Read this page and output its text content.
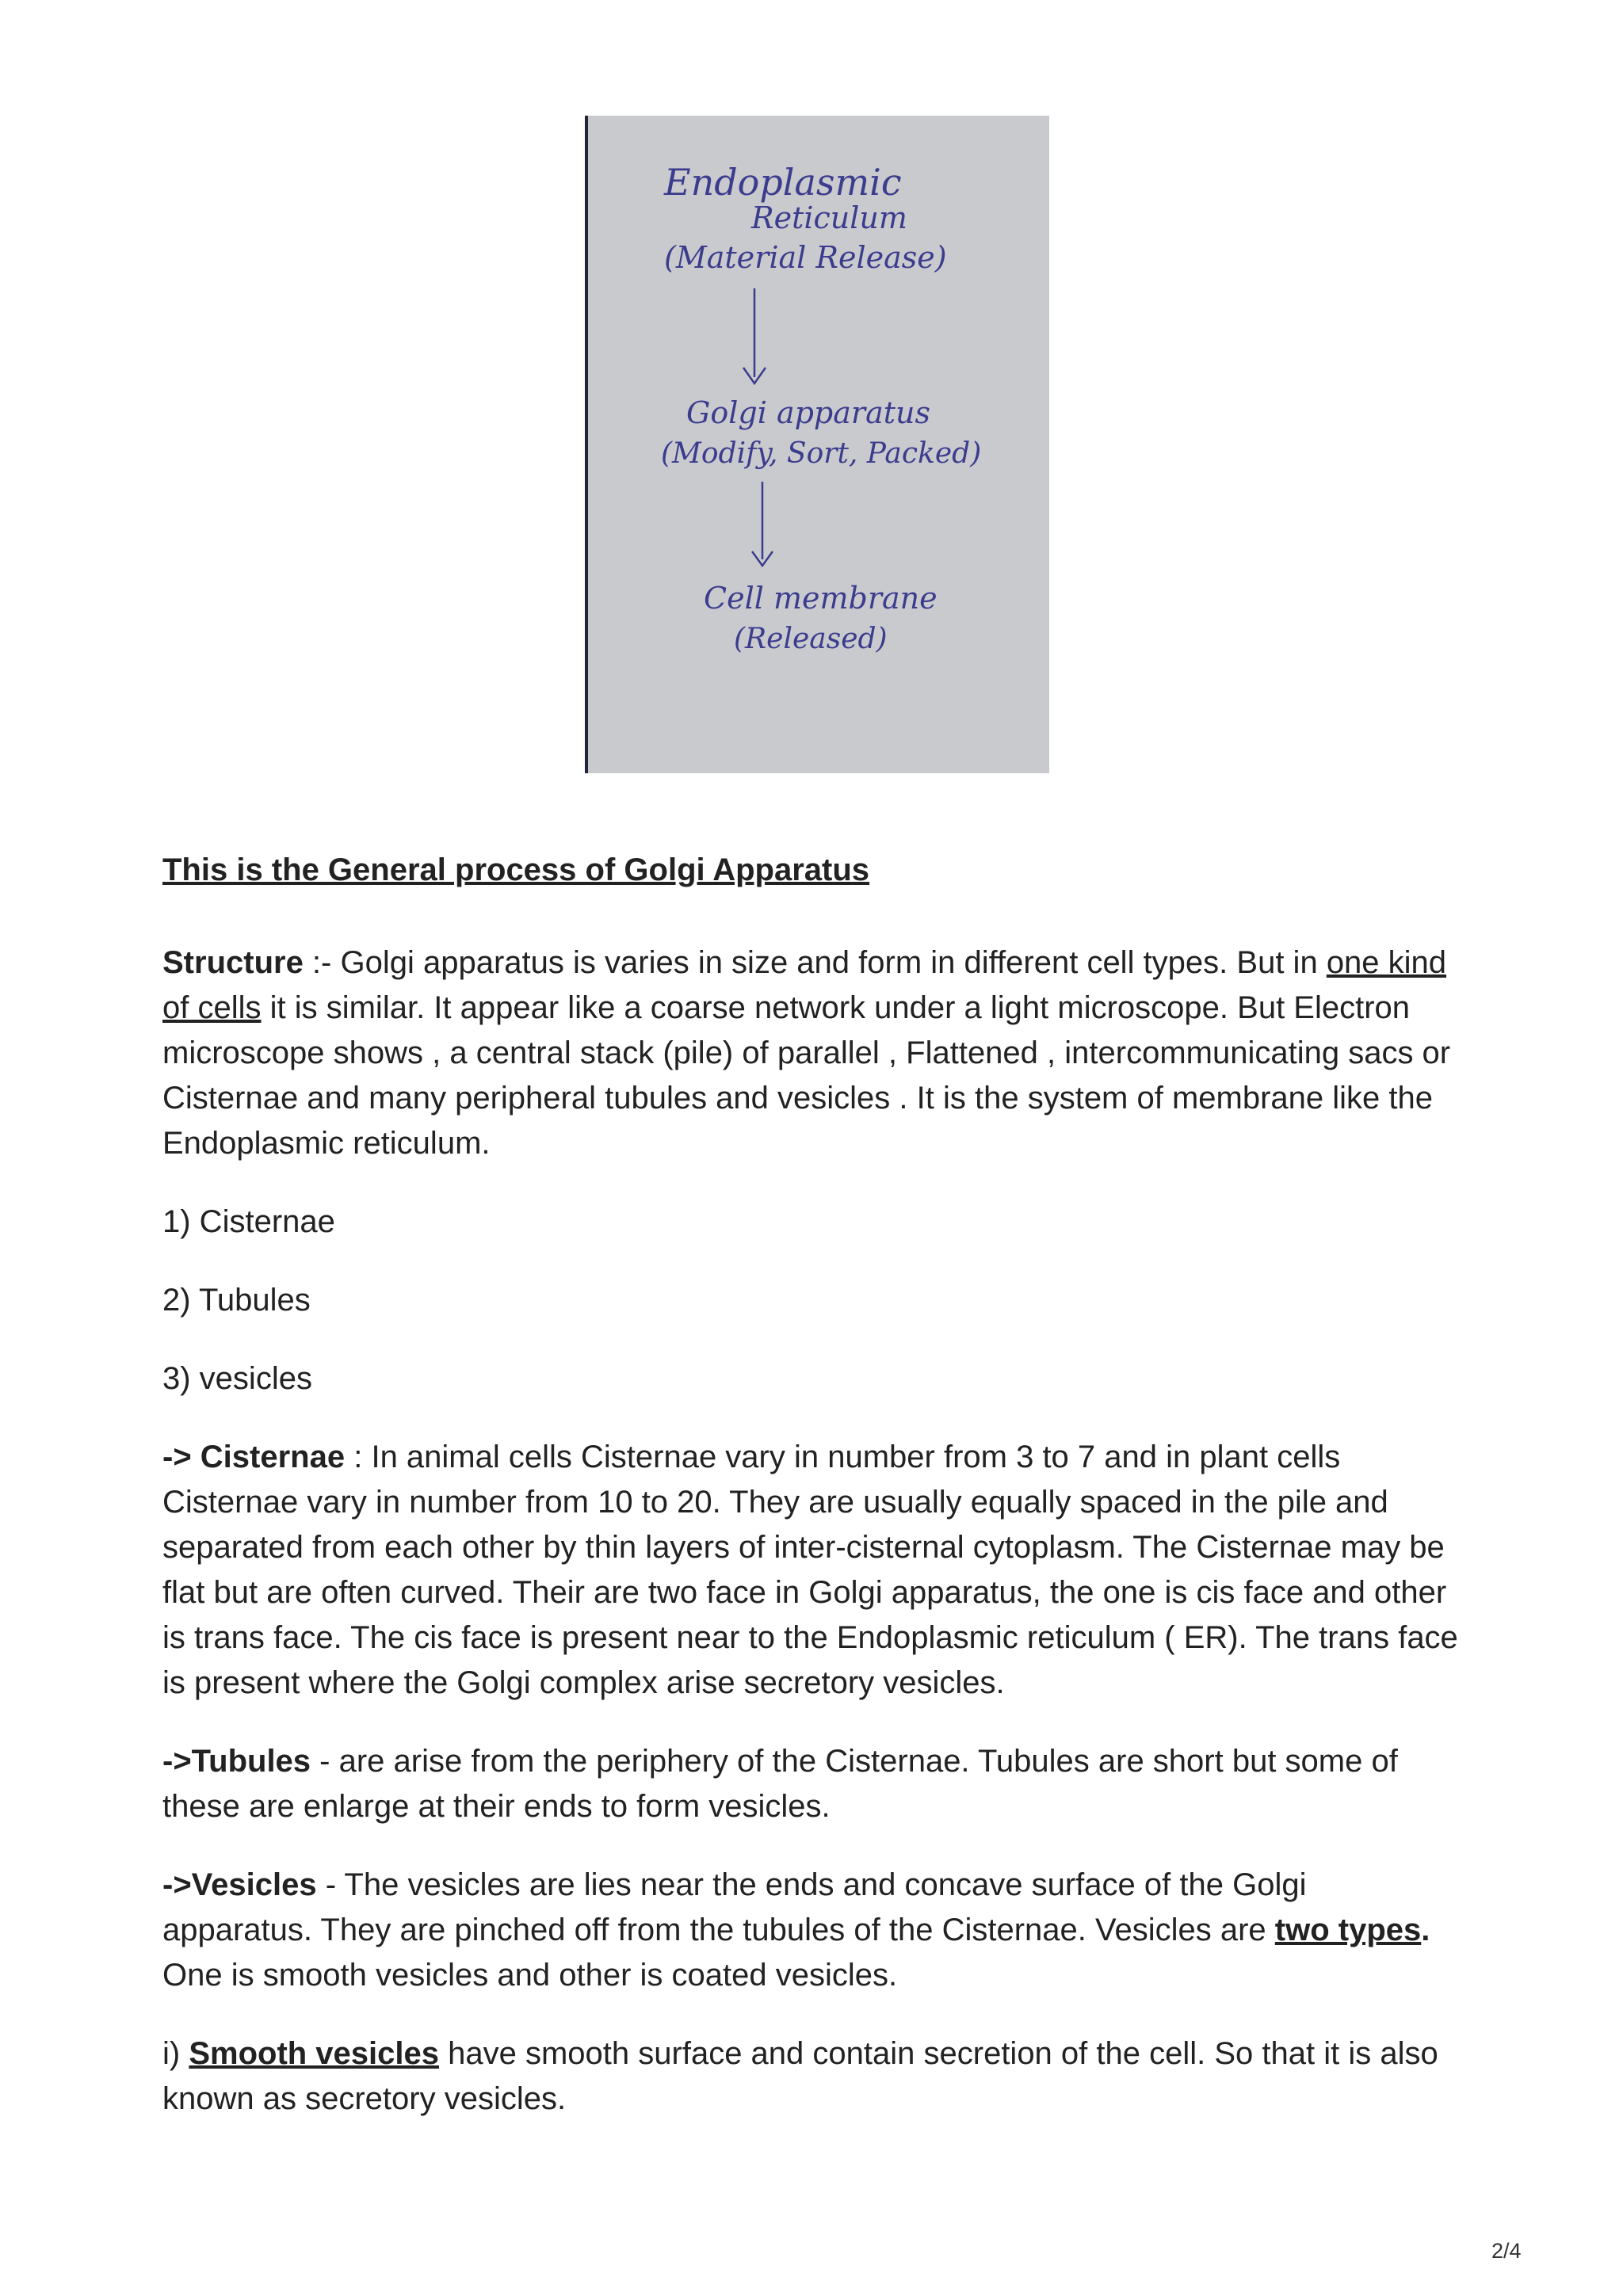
Endoplasmic
Reticulum
(Material Release)
Golgi apparatus
(Modify, Sort, Packed)
Cell membrane
(Released)

This is the General process of Golgi Apparatus

Structure :- Golgi apparatus is varies in size and form in different cell types. But in one kind of cells it is similar. It appear like a coarse network under a light microscope. But Electron microscope shows , a central stack (pile) of parallel , Flattened , intercommunicating sacs or Cisternae and many peripheral tubules and vesicles . It is the system of membrane like the Endoplasmic reticulum.

1) Cisternae

2) Tubules

3) vesicles

-> Cisternae : In animal cells Cisternae vary in number from 3 to 7 and in plant cells Cisternae vary in number from 10 to 20. They are usually equally spaced in the pile and separated from each other by thin layers of inter-cisternal cytoplasm. The Cisternae may be flat but are often curved. Their are two face in Golgi apparatus, the one is cis face and other is trans face. The cis face is present near to the Endoplasmic reticulum ( ER). The trans face is present where the Golgi complex arise secretory vesicles.

->Tubules - are arise from the periphery of the Cisternae. Tubules are short but some of these are enlarge at their ends to form vesicles.

->Vesicles - The vesicles are lies near the ends and concave surface of the Golgi apparatus. They are pinched off from the tubules of the Cisternae. Vesicles are two types. One is smooth vesicles and other is coated vesicles.

i) Smooth vesicles have smooth surface and contain secretion of the cell. So that it is also known as secretory vesicles.

2/4
